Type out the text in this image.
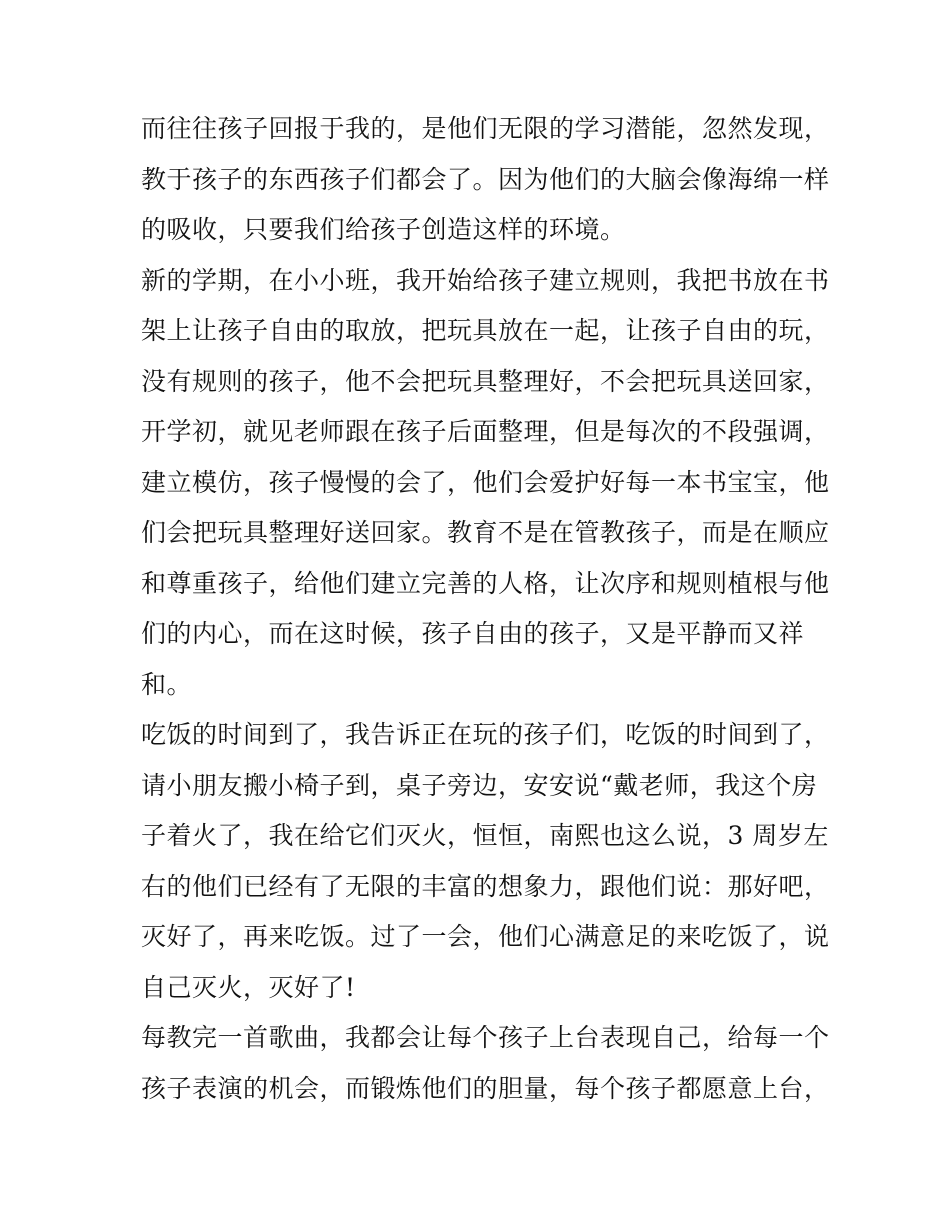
而往往孩子回报于我的，是他们无限的学习潜能，忽然发现，
教于孩子的东西孩子们都会了。因为他们的大脑会像海绵一样
的吸收，只要我们给孩子创造这样的环境。
新的学期，在小小班，我开始给孩子建立规则，我把书放在书
架上让孩子自由的取放，把玩具放在一起，让孩子自由的玩，
没有规则的孩子，他不会把玩具整理好，不会把玩具送回家，
开学初，就见老师跟在孩子后面整理，但是每次的不段强调，
建立模仿，孩子慢慢的会了，他们会爱护好每一本书宝宝，他
们会把玩具整理好送回家。教育不是在管教孩子，而是在顺应
和尊重孩子，给他们建立完善的人格，让次序和规则植根与他
们的内心，而在这时候，孩子自由的孩子，又是平静而又祥
和。
吃饭的时间到了，我告诉正在玩的孩子们，吃饭的时间到了，
请小朋友搬小椅子到，桌子旁边，安安说“戴老师，我这个房
子着火了，我在给它们灭火，恒恒，南熙也这么说，3 周岁左
右的他们已经有了无限的丰富的想象力，跟他们说：那好吧，
灭好了，再来吃饭。过了一会，他们心满意足的来吃饭了，说
自己灭火，灭好了!
每教完一首歌曲，我都会让每个孩子上台表现自己，给每一个
孩子表演的机会，而锻炼他们的胆量，每个孩子都愿意上台，
